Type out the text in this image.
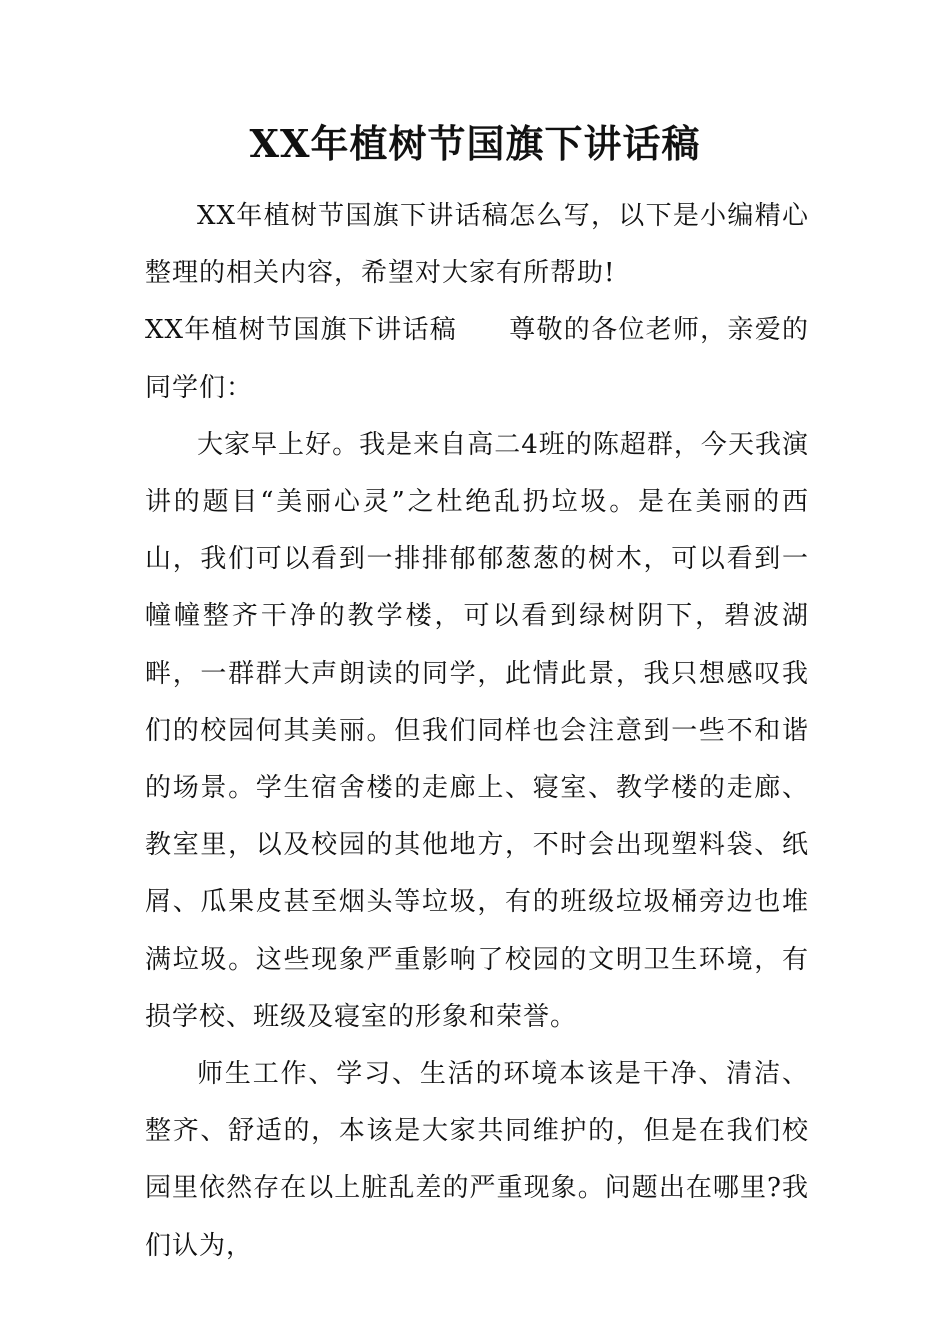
XX年植树节国旗下讲话稿

XX年植树节国旗下讲话稿怎么写，以下是小编精心整理的相关内容，希望对大家有所帮助!

XX年植树节国旗下讲话稿 尊敬的各位老师，亲爱的同学们：

大家早上好。我是来自高二4班的陈超群，今天我演讲的题目“美丽心灵”之杜绝乱扔垃圾。是在美丽的西山，我们可以看到一排排郁郁葱葱的树木，可以看到一幢幢整齐干净的教学楼，可以看到绿树阴下，碧波湖畔，一群群大声朗读的同学，此情此景，我只想感叹我们的校园何其美丽。但我们同样也会注意到一些不和谐的场景。学生宿舍楼的走廊上、寝室、教学楼的走廊、教室里，以及校园的其他地方，不时会出现塑料袋、纸屑、瓜果皮甚至烟头等垃圾，有的班级垃圾桶旁边也堆满垃圾。这些现象严重影响了校园的文明卫生环境，有损学校、班级及寝室的形象和荣誉。

师生工作、学习、生活的环境本该是干净、清洁、整齐、舒适的，本该是大家共同维护的，但是在我们校园里依然存在以上脏乱差的严重现象。问题出在哪里?我们认为，
